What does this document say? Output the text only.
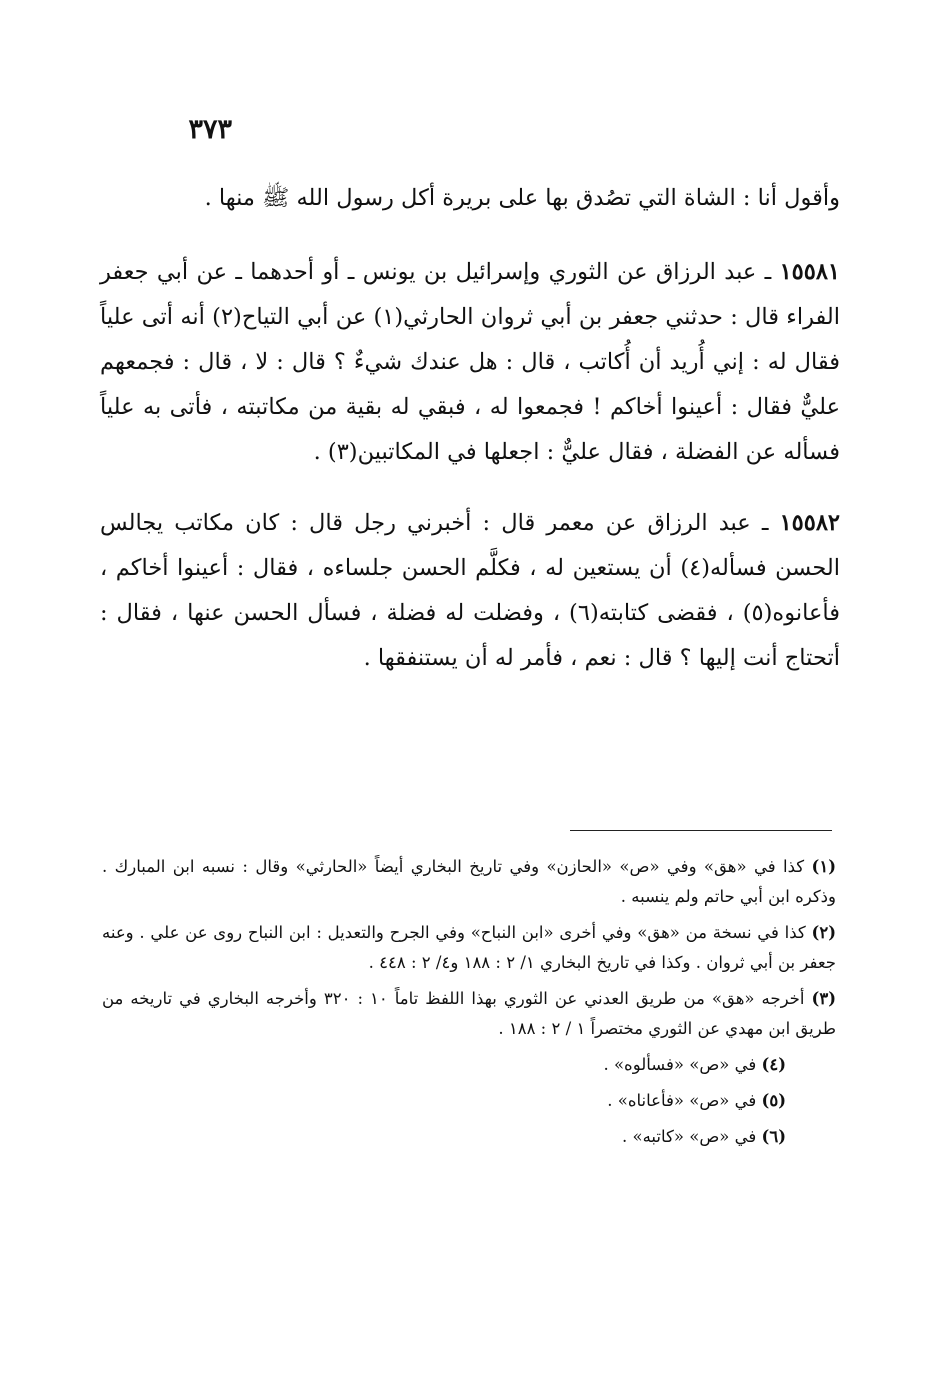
٣٧٣

وأقول أنا : الشاة التي تصُدق بها على بريرة أكل رسول الله ﷺ منها .

١٥٥٨١ ـ عبد الرزاق عن الثوري وإسرائيل بن يونس ـ أو أحدهما ـ عن أبي جعفر الفراء قال : حدثني جعفر بن أبي ثروان الحارثي(١) عن أبي التياح(٢) أنه أتى علياً فقال له : إني أُريد أن أُكاتب ، قال : هل عندك شيءٌ ؟ قال : لا ، قال : فجمعهم عليٌّ فقال : أعينوا أخاكم ! فجمعوا له ، فبقي له بقية من مكاتبته ، فأتى به علياً فسأله عن الفضلة ، فقال عليٌّ : اجعلها في المكاتبين(٣) .

١٥٥٨٢ ـ عبد الرزاق عن معمر قال : أخبرني رجل قال : كان مكاتب يجالس الحسن فسأله(٤) أن يستعين له ، فكلَّم الحسن جلساءه ، فقال : أعينوا أخاكم ، فأعانوه(٥) ، فقضى كتابته(٦) ، وفضلت له فضلة ، فسأل الحسن عنها ، فقال : أتحتاج أنت إليها ؟ قال : نعم ، فأمر له أن يستنفقها .

(١) كذا في «هق» وفي «ص» «الحازن» وفي تاريخ البخاري أيضاً «الحارثي» وقال : نسبه ابن المبارك . وذكره ابن أبي حاتم ولم ينسبه .

(٢) كذا في نسخة من «هق» وفي أخرى «ابن النباح» وفي الجرح والتعديل : ابن النباح روى عن علي . وعنه جعفر بن أبي ثروان . وكذا في تاريخ البخاري ١/ ٢ : ١٨٨ و٤/ ٢ : ٤٤٨ .

(٣) أخرجه «هق» من طريق العدني عن الثوري بهذا اللفظ تاماً ١٠ : ٣٢٠ وأخرجه البخاري في تاريخه من طريق ابن مهدي عن الثوري مختصراً ١ / ٢ : ١٨٨ .

(٤) في «ص» «فسألوه» .

(٥) في «ص» «فأعاناه» .

(٦) في «ص» «كاتبه» .
